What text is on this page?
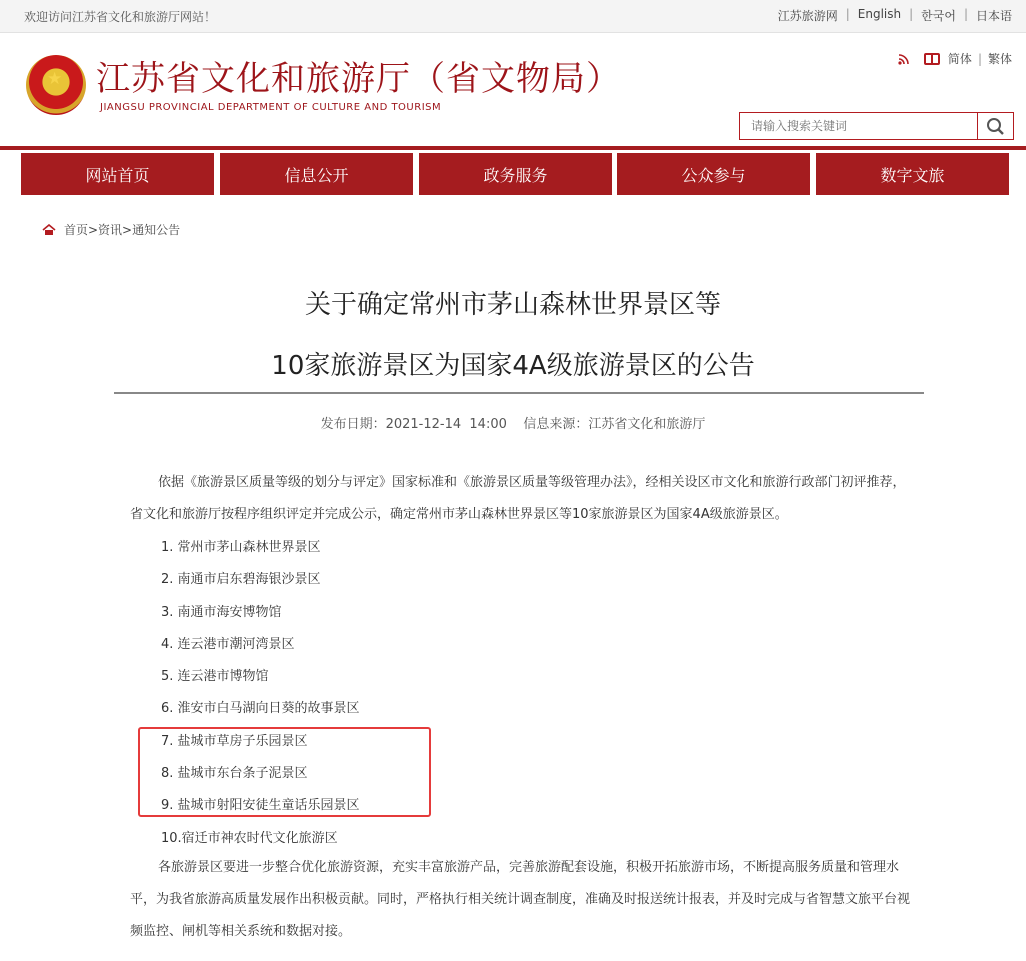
欢迎访问江苏省文化和旅游厅网站！	江苏旅游网 | English | 한국어 | 日本语
★ 江苏省文化和旅游厅（省文物局）
JIANGSU PROVINCIAL DEPARTMENT OF CULTURE AND TOURISM
简体 | 繁体
请输入搜索关键词
网站首页	信息公开	政务服务	公众参与	数字文旅
首页>资讯>通知公告
关于确定常州市茅山森林世界景区等
10家旅游景区为国家4A级旅游景区的公告
发布日期：2021-12-14  14:00    信息来源：江苏省文化和旅游厅
依据《旅游景区质量等级的划分与评定》国家标准和《旅游景区质量等级管理办法》，经相关设区市文化和旅游行政部门初评推荐，省文化和旅游厅按程序组织评定并完成公示，确定常州市茅山森林世界景区等10家旅游景区为国家4A级旅游景区。
1. 常州市茅山森林世界景区
2. 南通市启东碧海银沙景区
3. 南通市海安博物馆
4. 连云港市潮河湾景区
5. 连云港市博物馆
6. 淮安市白马湖向日葵的故事景区
7. 盐城市草房子乐园景区
8. 盐城市东台条子泥景区
9. 盐城市射阳安徒生童话乐园景区
10.宿迁市神农时代文化旅游区
各旅游景区要进一步整合优化旅游资源，充实丰富旅游产品，完善旅游配套设施，积极开拓旅游市场，不断提高服务质量和管理水平，为我省旅游高质量发展作出积极贡献。同时，严格执行相关统计调查制度，准确及时报送统计报表，并及时完成与省智慧文旅平台视频监控、闸机等相关系统和数据对接。
